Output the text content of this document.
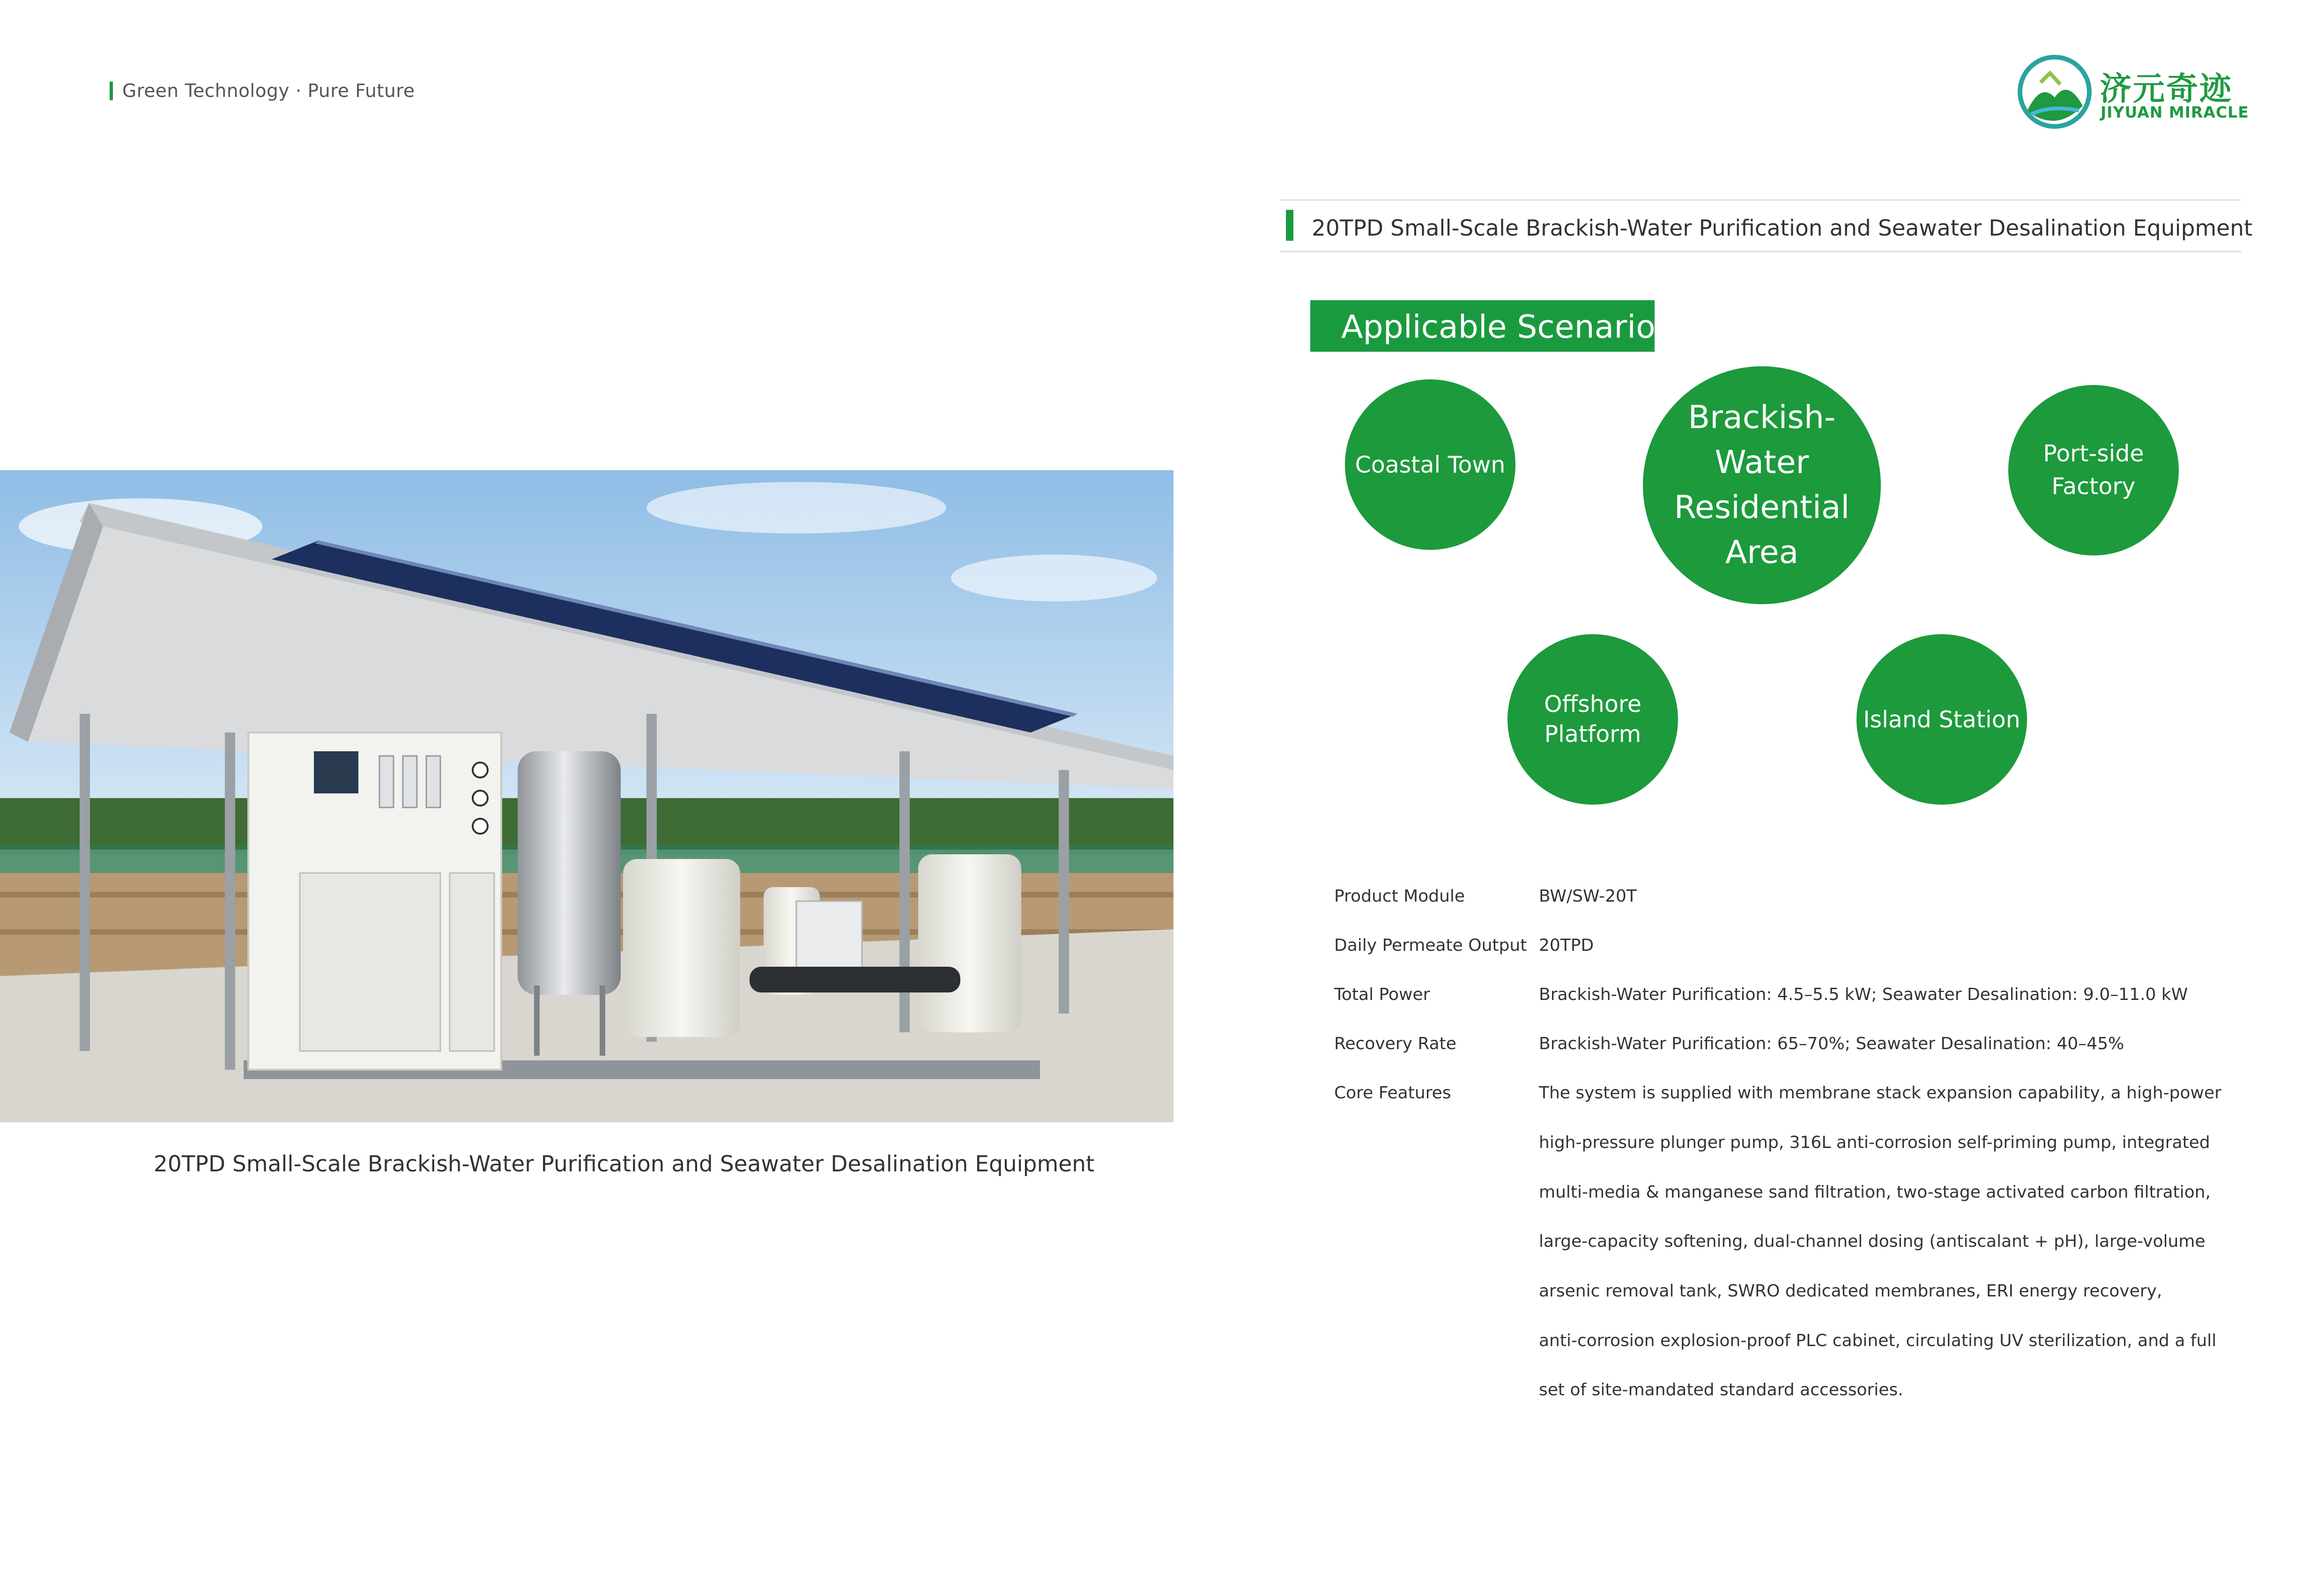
Green Technology · Pure Future	济元奇迹
JIYUAN MIRACLE
20TPD Small-Scale Brackish-Water Purification and Seawater Desalination Equipment
Applicable Scenarios
Coastal Town
Brackish-Water
Residential
Area
Port-side
Factory
Offshore
Platform
Island Station
20TPD Small-Scale Brackish-Water Purification and Seawater Desalination Equipment
Product Module	BW/SW-20T
Daily Permeate Output 20TPD
Total Power	Brackish-Water Purification: 4.5–5.5 kW; Seawater Desalination: 9.0–11.0 kW
Recovery Rate	Brackish-Water Purification: 65–70%; Seawater Desalination: 40–45%
Core Features	The system is supplied with membrane stack expansion capability, a high-power
high-pressure plunger pump, 316L anti-corrosion self-priming pump, integrated
multi-media & manganese sand filtration, two-stage activated carbon filtration,
large-capacity softening, dual-channel dosing (antiscalant + pH), large-volume
arsenic removal tank, SWRO dedicated membranes, ERI energy recovery,
anti-corrosion explosion-proof PLC cabinet, circulating UV sterilization, and a full
set of site-mandated standard accessories.
